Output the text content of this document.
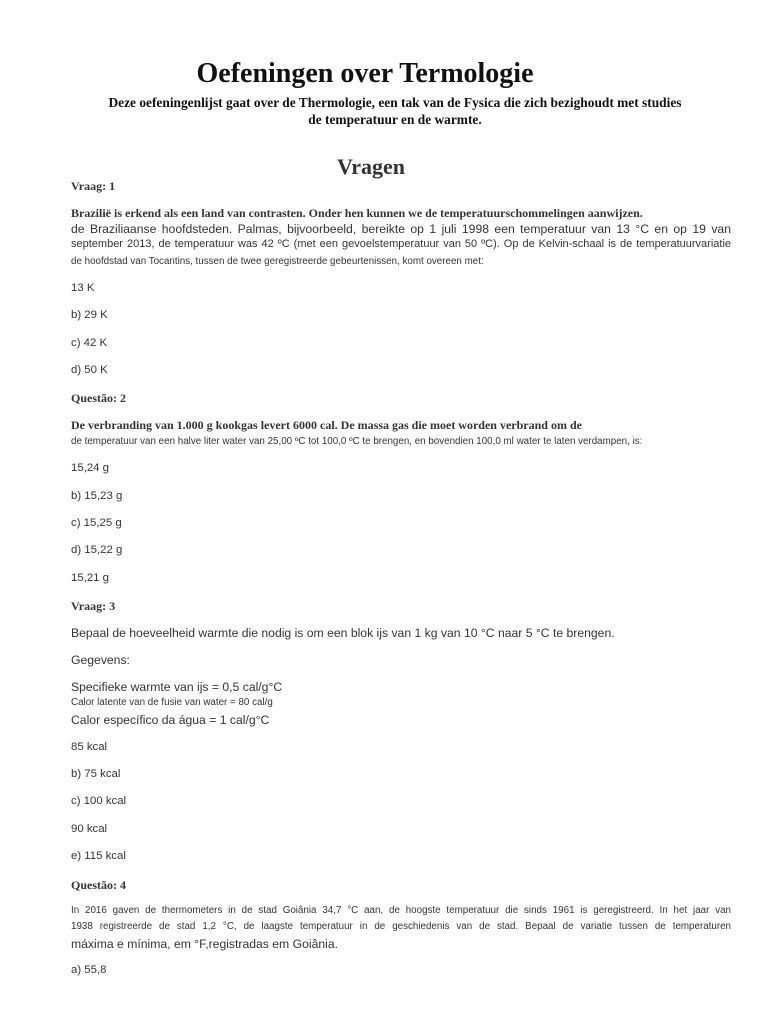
Oefeningen over Termologie
Deze oefeningenlijst gaat over de Thermologie, een tak van de Fysica die zich bezighoudt met studies
de temperatuur en de warmte.
Vragen
Vraag: 1
Brazilië is erkend als een land van contrasten. Onder hen kunnen we de temperatuurschommelingen aanwijzen.
de Braziliaanse hoofdsteden. Palmas, bijvoorbeeld, bereikte op 1 juli 1998 een temperatuur van 13 °C en op 19 van
september 2013, de temperatuur was 42 ºC (met een gevoelstemperatuur van 50 ºC). Op de Kelvin-schaal is de temperatuurvariatie
de hoofdstad van Tocantins, tussen de twee geregistreerde gebeurtenissen, komt overeen met:
13 K
b) 29 K
c) 42 K
d) 50 K
Questão: 2
De verbranding van 1.000 g kookgas levert 6000 cal. De massa gas die moet worden verbrand om de
de temperatuur van een halve liter water van 25,00 ºC tot 100,0 ºC te brengen, en bovendien 100,0 ml water te laten verdampen, is:
15,24 g
b) 15,23 g
c) 15,25 g
d) 15,22 g
15,21 g
Vraag: 3
Bepaal de hoeveelheid warmte die nodig is om een blok ijs van 1 kg van 10 °C naar 5 °C te brengen.
Gegevens:
Specifieke warmte van ijs = 0,5 cal/g°C
Calor latente van de fusie van water = 80 cal/g
Calor específico da água = 1 cal/g°C
85 kcal
b) 75 kcal
c) 100 kcal
90 kcal
e) 115 kcal
Questão: 4
In 2016 gaven de thermometers in de stad Goiânia 34,7 °C aan, de hoogste temperatuur die sinds 1961 is geregistreerd. In het jaar van
1938 registreerde de stad 1,2 °C, de laagste temperatuur in de geschiedenis van de stad. Bepaal de variatie tussen de temperaturen
máxima e mínima, em °F,registradas em Goiânia.
a) 55,8
